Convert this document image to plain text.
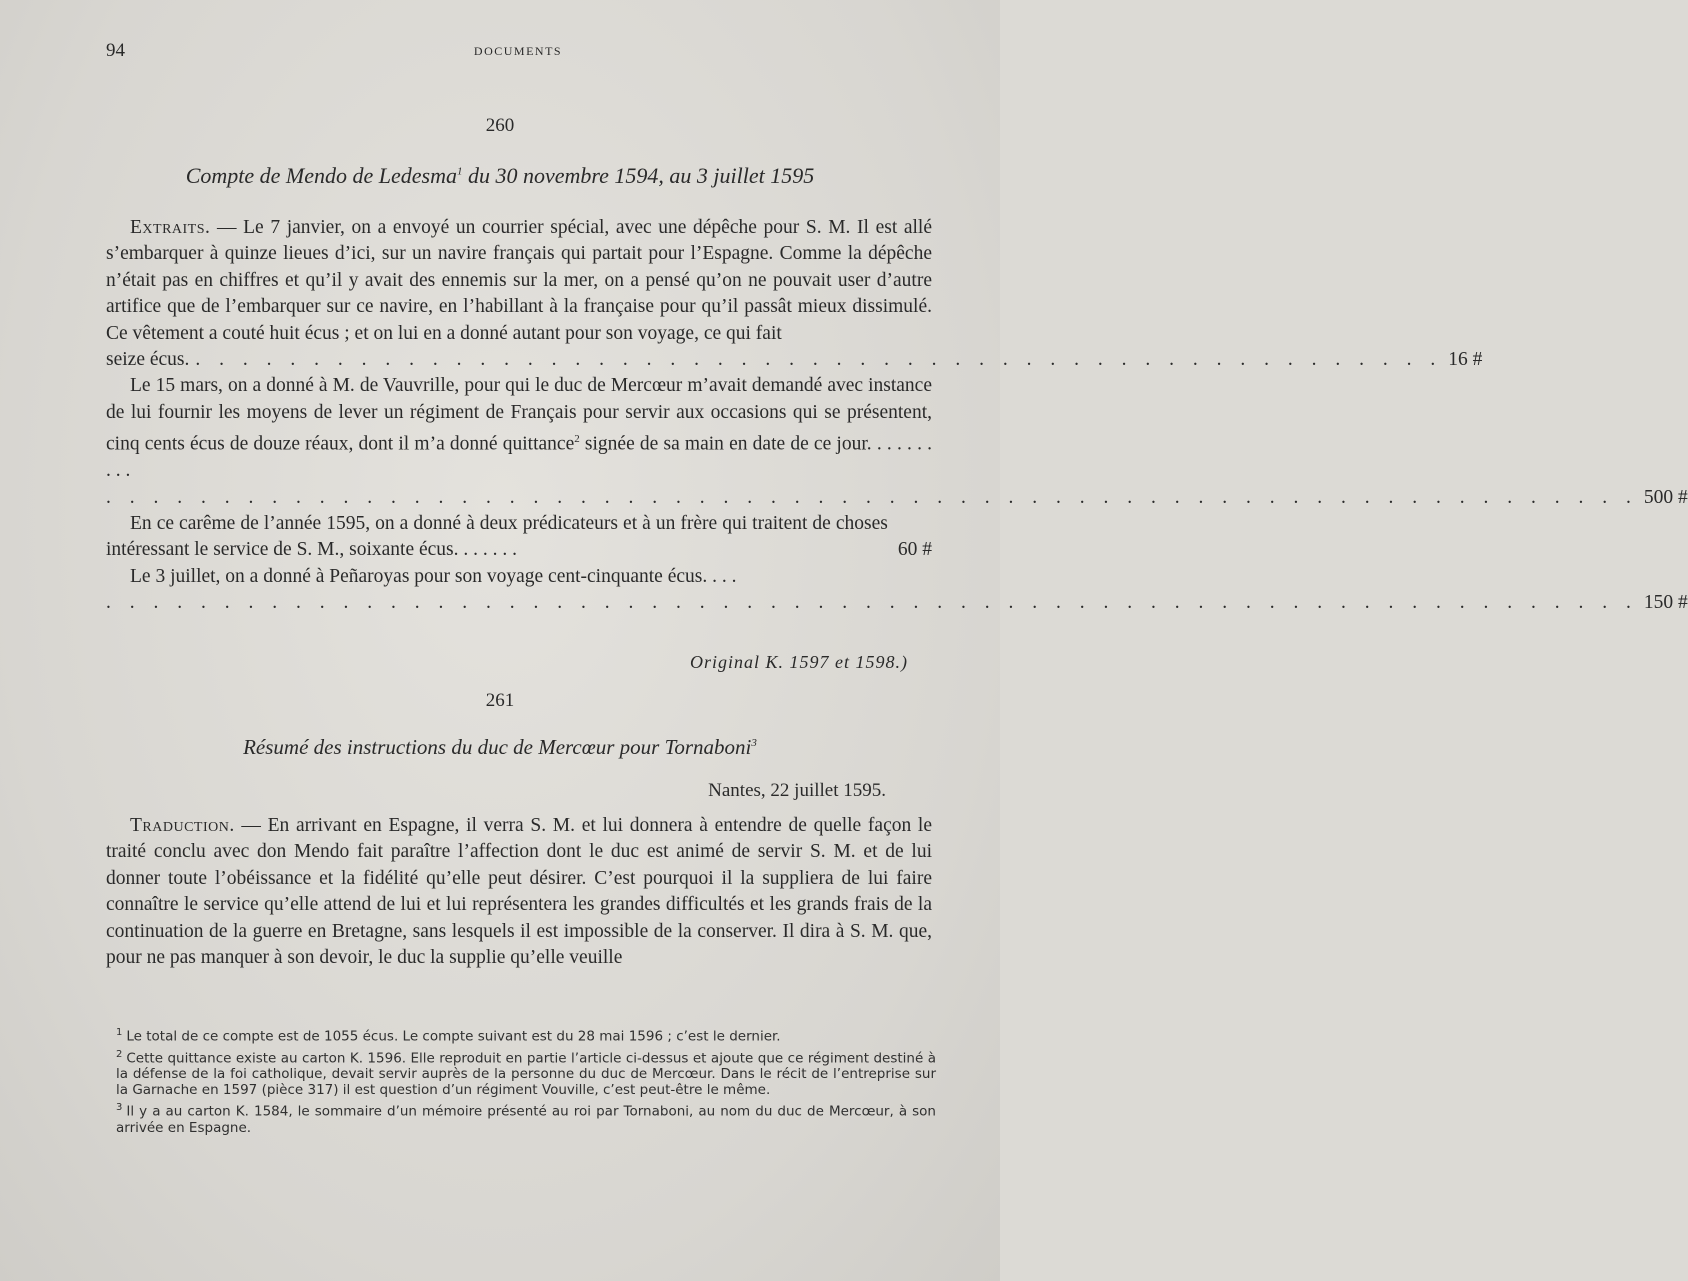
94	DOCUMENTS
260
Compte de Mendo de Ledesma$^1$ du 30 novembre 1594, au 3 juillet 1595

Extraits. — Le 7 janvier, on a envoyé un courrier spécial, avec une dépêche pour S. M. Il est allé s’embarquer à quinze lieues d’ici, sur un navire français qui partait pour l’Espagne. Comme la dépêche n’était pas en chiffres et qu’il y avait des ennemis sur la mer, on a pensé qu’on ne pouvait user d’autre artifice que de l’embarquer sur ce navire, en l’habillant à la française pour qu’il passât mieux dissimulé. Ce vêtement a couté huit écus ; et on lui en a donné autant pour son voyage, ce qui fait

seize écus. . . . . . . . . . . . . . . . . . . . . . . . . . . . . . . . . . . . . . . . . . . . . . . . . . . . . . 16 #

Le 15 mars, on a donné à M. de Vauvrille, pour qui le duc de Mercœur m’avait demandé avec instance de lui fournir les moyens de lever un régiment de Français pour servir aux occasions qui se présentent, cinq cents écus de douze réaux, dont il m’a donné quittance$^2$ signée de sa main en date de ce jour. . . . . . . . . .

. . . . . . . . . . . . . . . . . . . . . . . . . . . . . . . . . . . . . . . . . . . . . . . . . . . . . . . . . . . . . . . . . 500 #

En ce carême de l’année 1595, on a donné à deux prédicateurs et à un frère qui traitent de choses intéressant le service de S. M., soixante écus. . . . . . .	60 #

Le 3 juillet, on a donné à Peñaroyas pour son voyage cent-cinquante écus. . . .

. . . . . . . . . . . . . . . . . . . . . . . . . . . . . . . . . . . . . . . . . . . . . . . . . . . . . . . . . . . . . . . . . 150 #
Original K. 1597 et 1598.)
261
Résumé des instructions du duc de Mercœur pour Tornaboni$^3$
Nantes, 22 juillet 1595.

Traduction. — En arrivant en Espagne, il verra S. M. et lui donnera à entendre de quelle façon le traité conclu avec don Mendo fait paraître l’affection dont le duc est animé de servir S. M. et de lui donner toute l’obéissance et la fidélité qu’elle peut désirer. C’est pourquoi il la suppliera de lui faire connaître le service qu’elle attend de lui et lui représentera les grandes difficultés et les grands frais de la continuation de la guerre en Bretagne, sans lesquels il est impossible de la conserver. Il dira à S. M. que, pour ne pas manquer à son devoir, le duc la supplie qu’elle veuille

$^1$ Le total de ce compte est de 1055 écus. Le compte suivant est du 28 mai 1596 ; c’est le dernier.

$^2$ Cette quittance existe au carton K. 1596. Elle reproduit en partie l’article ci-dessus et ajoute que ce régiment destiné à la défense de la foi catholique, devait servir auprès de la personne du duc de Mercœur. Dans le récit de l’entreprise sur la Garnache en 1597 (pièce 317) il est question d’un régiment Vouville, c’est peut-être le même.

$^3$ Il y a au carton K. 1584, le sommaire d’un mémoire présenté au roi par Tornaboni, au nom du duc de Mercœur, à son arrivée en Espagne.
